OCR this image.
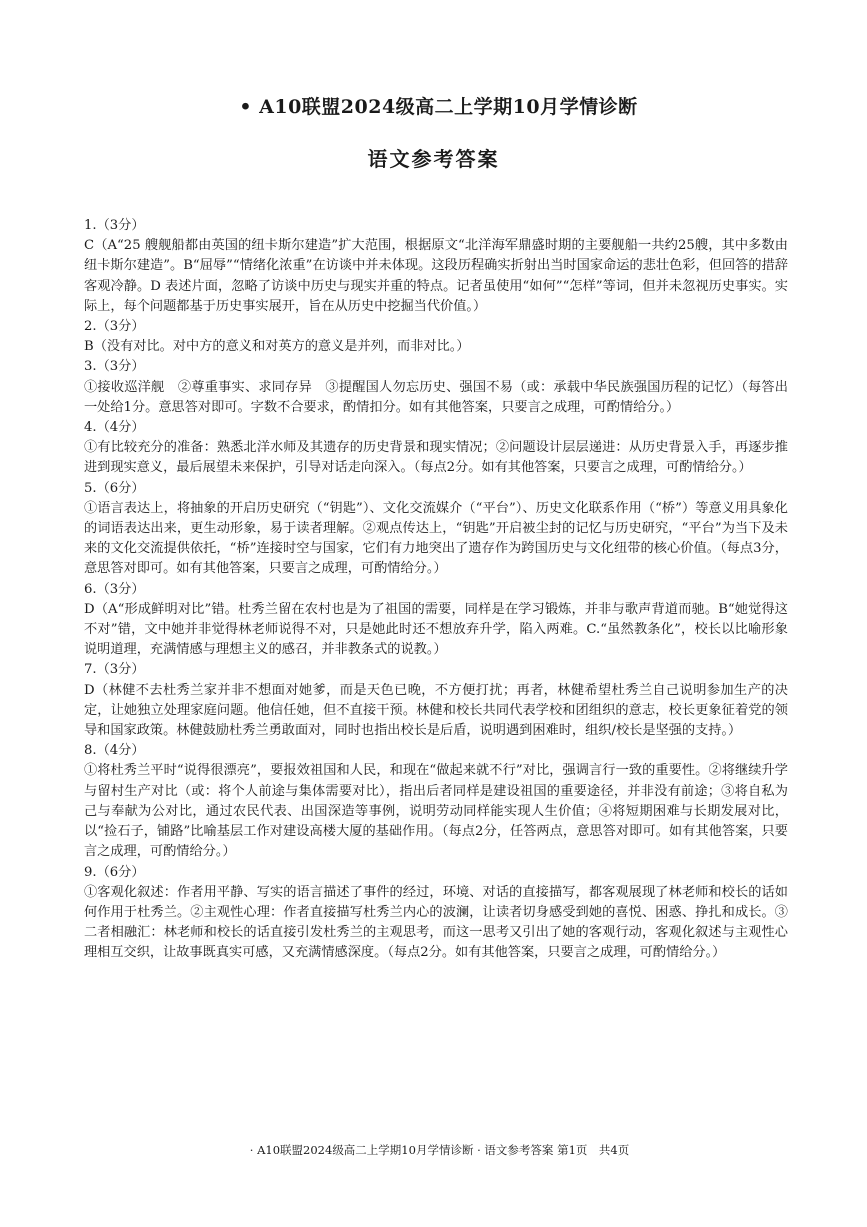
• A10联盟2024级高二上学期10月学情诊断
语文参考答案

1.（3分）

C（A“25 艘舰船都由英国的纽卡斯尔建造”扩大范围，根据原文“北洋海军鼎盛时期的主要舰船一共约25艘，其中多数由纽卡斯尔建造”。B“屈辱”“情绪化浓重”在访谈中并未体现。这段历程确实折射出当时国家命运的悲壮色彩，但回答的措辞客观冷静。D 表述片面，忽略了访谈中历史与现实并重的特点。记者虽使用“如何”“怎样”等词，但并未忽视历史事实。实际上，每个问题都基于历史事实展开，旨在从历史中挖掘当代价值。）

2.（3分）

B（没有对比。对中方的意义和对英方的意义是并列，而非对比。）

3.（3分）

①接收巡洋舰　②尊重事实、求同存异　③提醒国人勿忘历史、强国不易（或：承载中华民族强国历程的记忆）（每答出一处给1分。意思答对即可。字数不合要求，酌情扣分。如有其他答案，只要言之成理，可酌情给分。）

4.（4分）

①有比较充分的准备：熟悉北洋水师及其遗存的历史背景和现实情况；②问题设计层层递进：从历史背景入手，再逐步推进到现实意义，最后展望未来保护，引导对话走向深入。（每点2分。如有其他答案，只要言之成理，可酌情给分。）

5.（6分）

①语言表达上，将抽象的开启历史研究（“钥匙”）、文化交流媒介（“平台”）、历史文化联系作用（“桥”）等意义用具象化的词语表达出来，更生动形象，易于读者理解。②观点传达上，“钥匙”开启被尘封的记忆与历史研究，“平台”为当下及未来的文化交流提供依托，“桥”连接时空与国家，它们有力地突出了遗存作为跨国历史与文化纽带的核心价值。（每点3分，意思答对即可。如有其他答案，只要言之成理，可酌情给分。）

6.（3分）

D（A“形成鲜明对比”错。杜秀兰留在农村也是为了祖国的需要，同样是在学习锻炼，并非与歌声背道而驰。B“她觉得这不对”错，文中她并非觉得林老师说得不对，只是她此时还不想放弃升学，陷入两难。C.“虽然教条化”，校长以比喻形象说明道理，充满情感与理想主义的感召，并非教条式的说教。）

7.（3分）

D（林健不去杜秀兰家并非不想面对她爹，而是天色已晚，不方便打扰；再者，林健希望杜秀兰自己说明参加生产的决定，让她独立处理家庭问题。他信任她，但不直接干预。林健和校长共同代表学校和团组织的意志，校长更象征着党的领导和国家政策。林健鼓励杜秀兰勇敢面对，同时也指出校长是后盾，说明遇到困难时，组织/校长是坚强的支持。）

8.（4分）

①将杜秀兰平时“说得很漂亮”，要报效祖国和人民，和现在“做起来就不行”对比，强调言行一致的重要性。②将继续升学与留村生产对比（或：将个人前途与集体需要对比），指出后者同样是建设祖国的重要途径，并非没有前途；③将自私为己与奉献为公对比，通过农民代表、出国深造等事例，说明劳动同样能实现人生价值；④将短期困难与长期发展对比，以“捡石子，铺路”比喻基层工作对建设高楼大厦的基础作用。（每点2分，任答两点，意思答对即可。如有其他答案，只要言之成理，可酌情给分。）

9.（6分）

①客观化叙述：作者用平静、写实的语言描述了事件的经过，环境、对话的直接描写，都客观展现了林老师和校长的话如何作用于杜秀兰。②主观性心理：作者直接描写杜秀兰内心的波澜，让读者切身感受到她的喜悦、困惑、挣扎和成长。③二者相融汇：林老师和校长的话直接引发杜秀兰的主观思考，而这一思考又引出了她的客观行动，客观化叙述与主观性心理相互交织，让故事既真实可感，又充满情感深度。（每点2分。如有其他答案，只要言之成理，可酌情给分。）

· A10联盟2024级高二上学期10月学情诊断 · 语文参考答案 第1页　共4页
